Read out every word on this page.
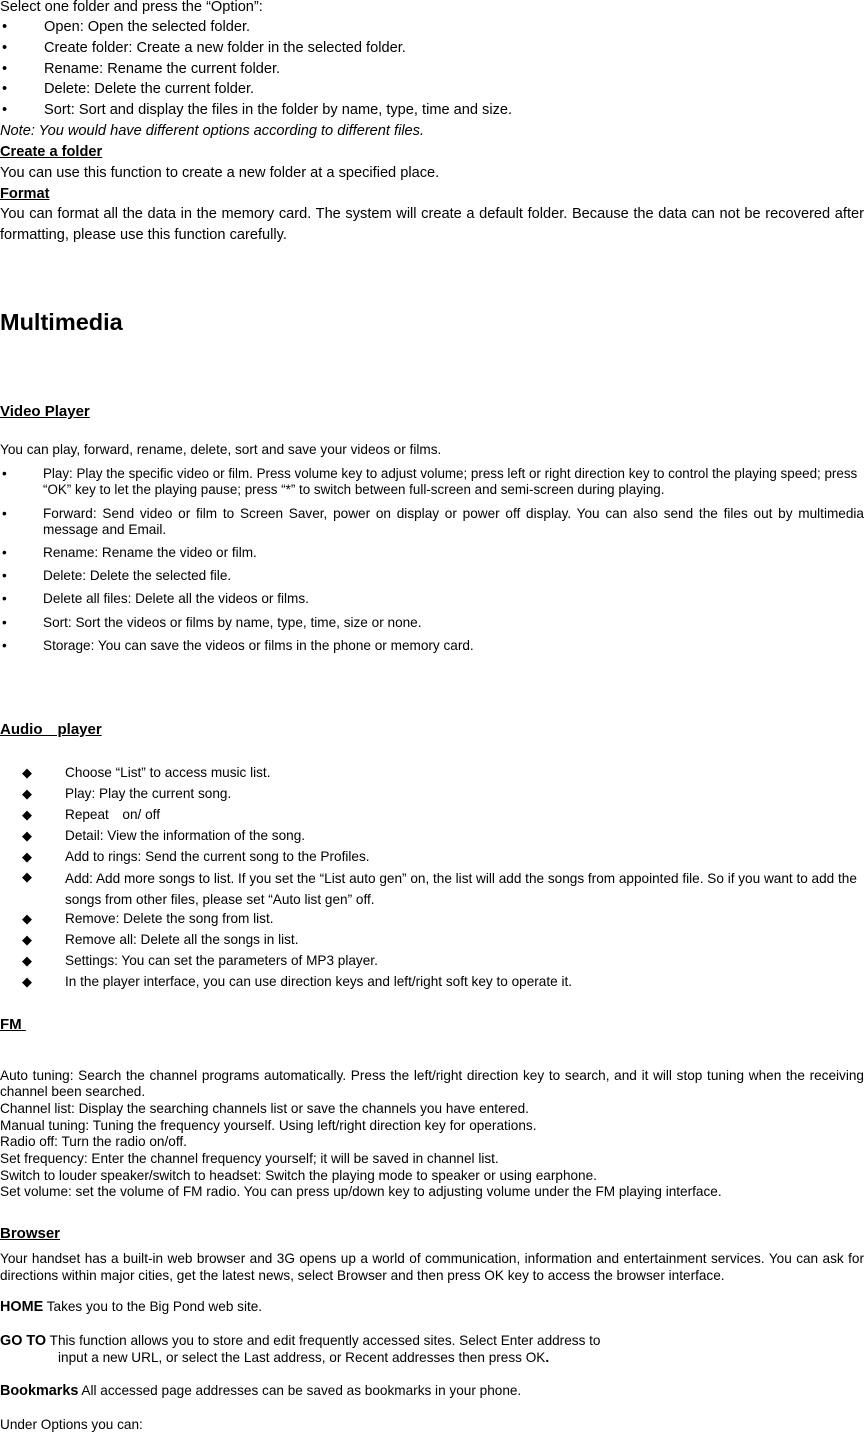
Select one folder and press the “Option”:
•	Open: Open the selected folder.
•	Create folder: Create a new folder in the selected folder.
•	Rename: Rename the current folder.
•	Delete: Delete the current folder.
•	Sort: Sort and display the files in the folder by name, type, time and size.
Note: You would have different options according to different files.
Create a folder
You can use this function to create a new folder at a specified place.
Format
You can format all the data in the memory card. The system will create a default folder. Because the data can not be recovered after formatting, please use this function carefully.
Multimedia
Video Player
You can play, forward, rename, delete, sort and save your videos or films.
•	Play: Play the specific video or film. Press volume key to adjust volume; press left or right direction key to control the playing speed; press “OK” key to let the playing pause; press “*” to switch between full-screen and semi-screen during playing.
•	Forward: Send video or film to Screen Saver, power on display or power off display. You can also send the files out by multimedia message and Email.
•	Rename: Rename the video or film.
•	Delete: Delete the selected file.
•	Delete all files: Delete all the videos or films.
•	Sort: Sort the videos or films by name, type, time, size or none.
•	Storage: You can save the videos or films in the phone or memory card.
Audio player
◆ Choose “List” to access music list.
◆ Play: Play the current song.
◆ Repeat on/ off
◆ Detail: View the information of the song.
◆ Add to rings: Send the current song to the Profiles.
◆ Add: Add more songs to list. If you set the “List auto gen” on, the list will add the songs from appointed file. So if you want to add the songs from other files, please set “Auto list gen” off.
◆ Remove: Delete the song from list.
◆ Remove all: Delete all the songs in list.
◆ Settings: You can set the parameters of MP3 player.
◆ In the player interface, you can use direction keys and left/right soft key to operate it.
FM
Auto tuning: Search the channel programs automatically. Press the left/right direction key to search, and it will stop tuning when the receiving channel been searched.
Channel list: Display the searching channels list or save the channels you have entered.
Manual tuning: Tuning the frequency yourself. Using left/right direction key for operations.
Radio off: Turn the radio on/off.
Set frequency: Enter the channel frequency yourself; it will be saved in channel list.
Switch to louder speaker/switch to headset: Switch the playing mode to speaker or using earphone.
Set volume: set the volume of FM radio. You can press up/down key to adjusting volume under the FM playing interface.
Browser
Your handset has a built-in web browser and 3G opens up a world of communication, information and entertainment services. You can ask for directions within major cities, get the latest news, select Browser and then press OK key to access the browser interface.
HOME Takes you to the Big Pond web site.
GO TO This function allows you to store and edit frequently accessed sites. Select Enter address to
input a new URL, or select the Last address, or Recent addresses then press OK.
Bookmarks All accessed page addresses can be saved as bookmarks in your phone.
Under Options you can:
